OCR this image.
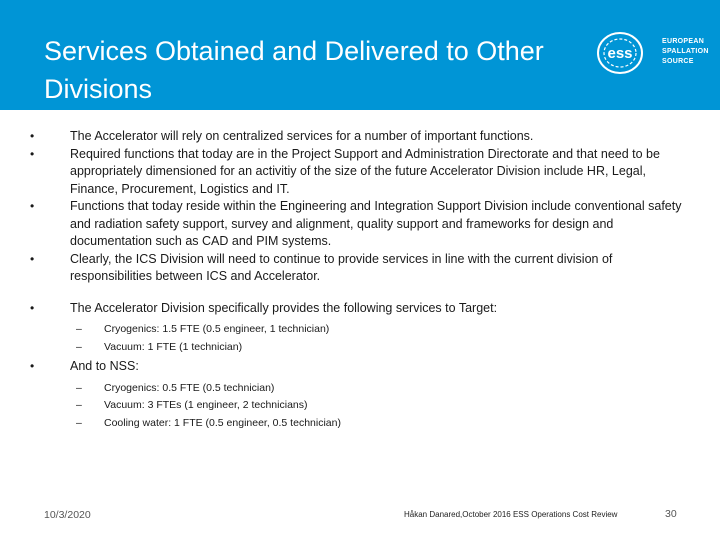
Services Obtained and Delivered to Other Divisions
ess
EUROPEAN
SPALLATION
SOURCE
•	The Accelerator will rely on centralized services for a number of important functions.
•	Required functions that today are in the Project Support and Administration Directorate and that need to be appropriately dimensioned for an activitiy of the size of the future Accelerator Division include HR, Legal, Finance, Procurement, Logistics and IT.
•	Functions that today reside within the Engineering and Integration Support Division include conventional safety and radiation safety support, survey and alignment, quality support and frameworks for design and documentation such as CAD and PIM systems.
•	Clearly, the ICS Division will need to continue to provide services in line with the current division of responsibilities between ICS and Accelerator.
•	The Accelerator Division specifically provides the following services to Target:
– Cryogenics: 1.5 FTE (0.5 engineer, 1 technician)
– Vacuum: 1 FTE (1 technician)
•	And to NSS:
– Cryogenics: 0.5 FTE (0.5 technician)
– Vacuum: 3 FTEs (1 engineer, 2 technicians)
– Cooling water: 1 FTE (0.5 engineer, 0.5 technician)
10/3/2020	Håkan Danared,October 2016 ESS Operations Cost Review	30
